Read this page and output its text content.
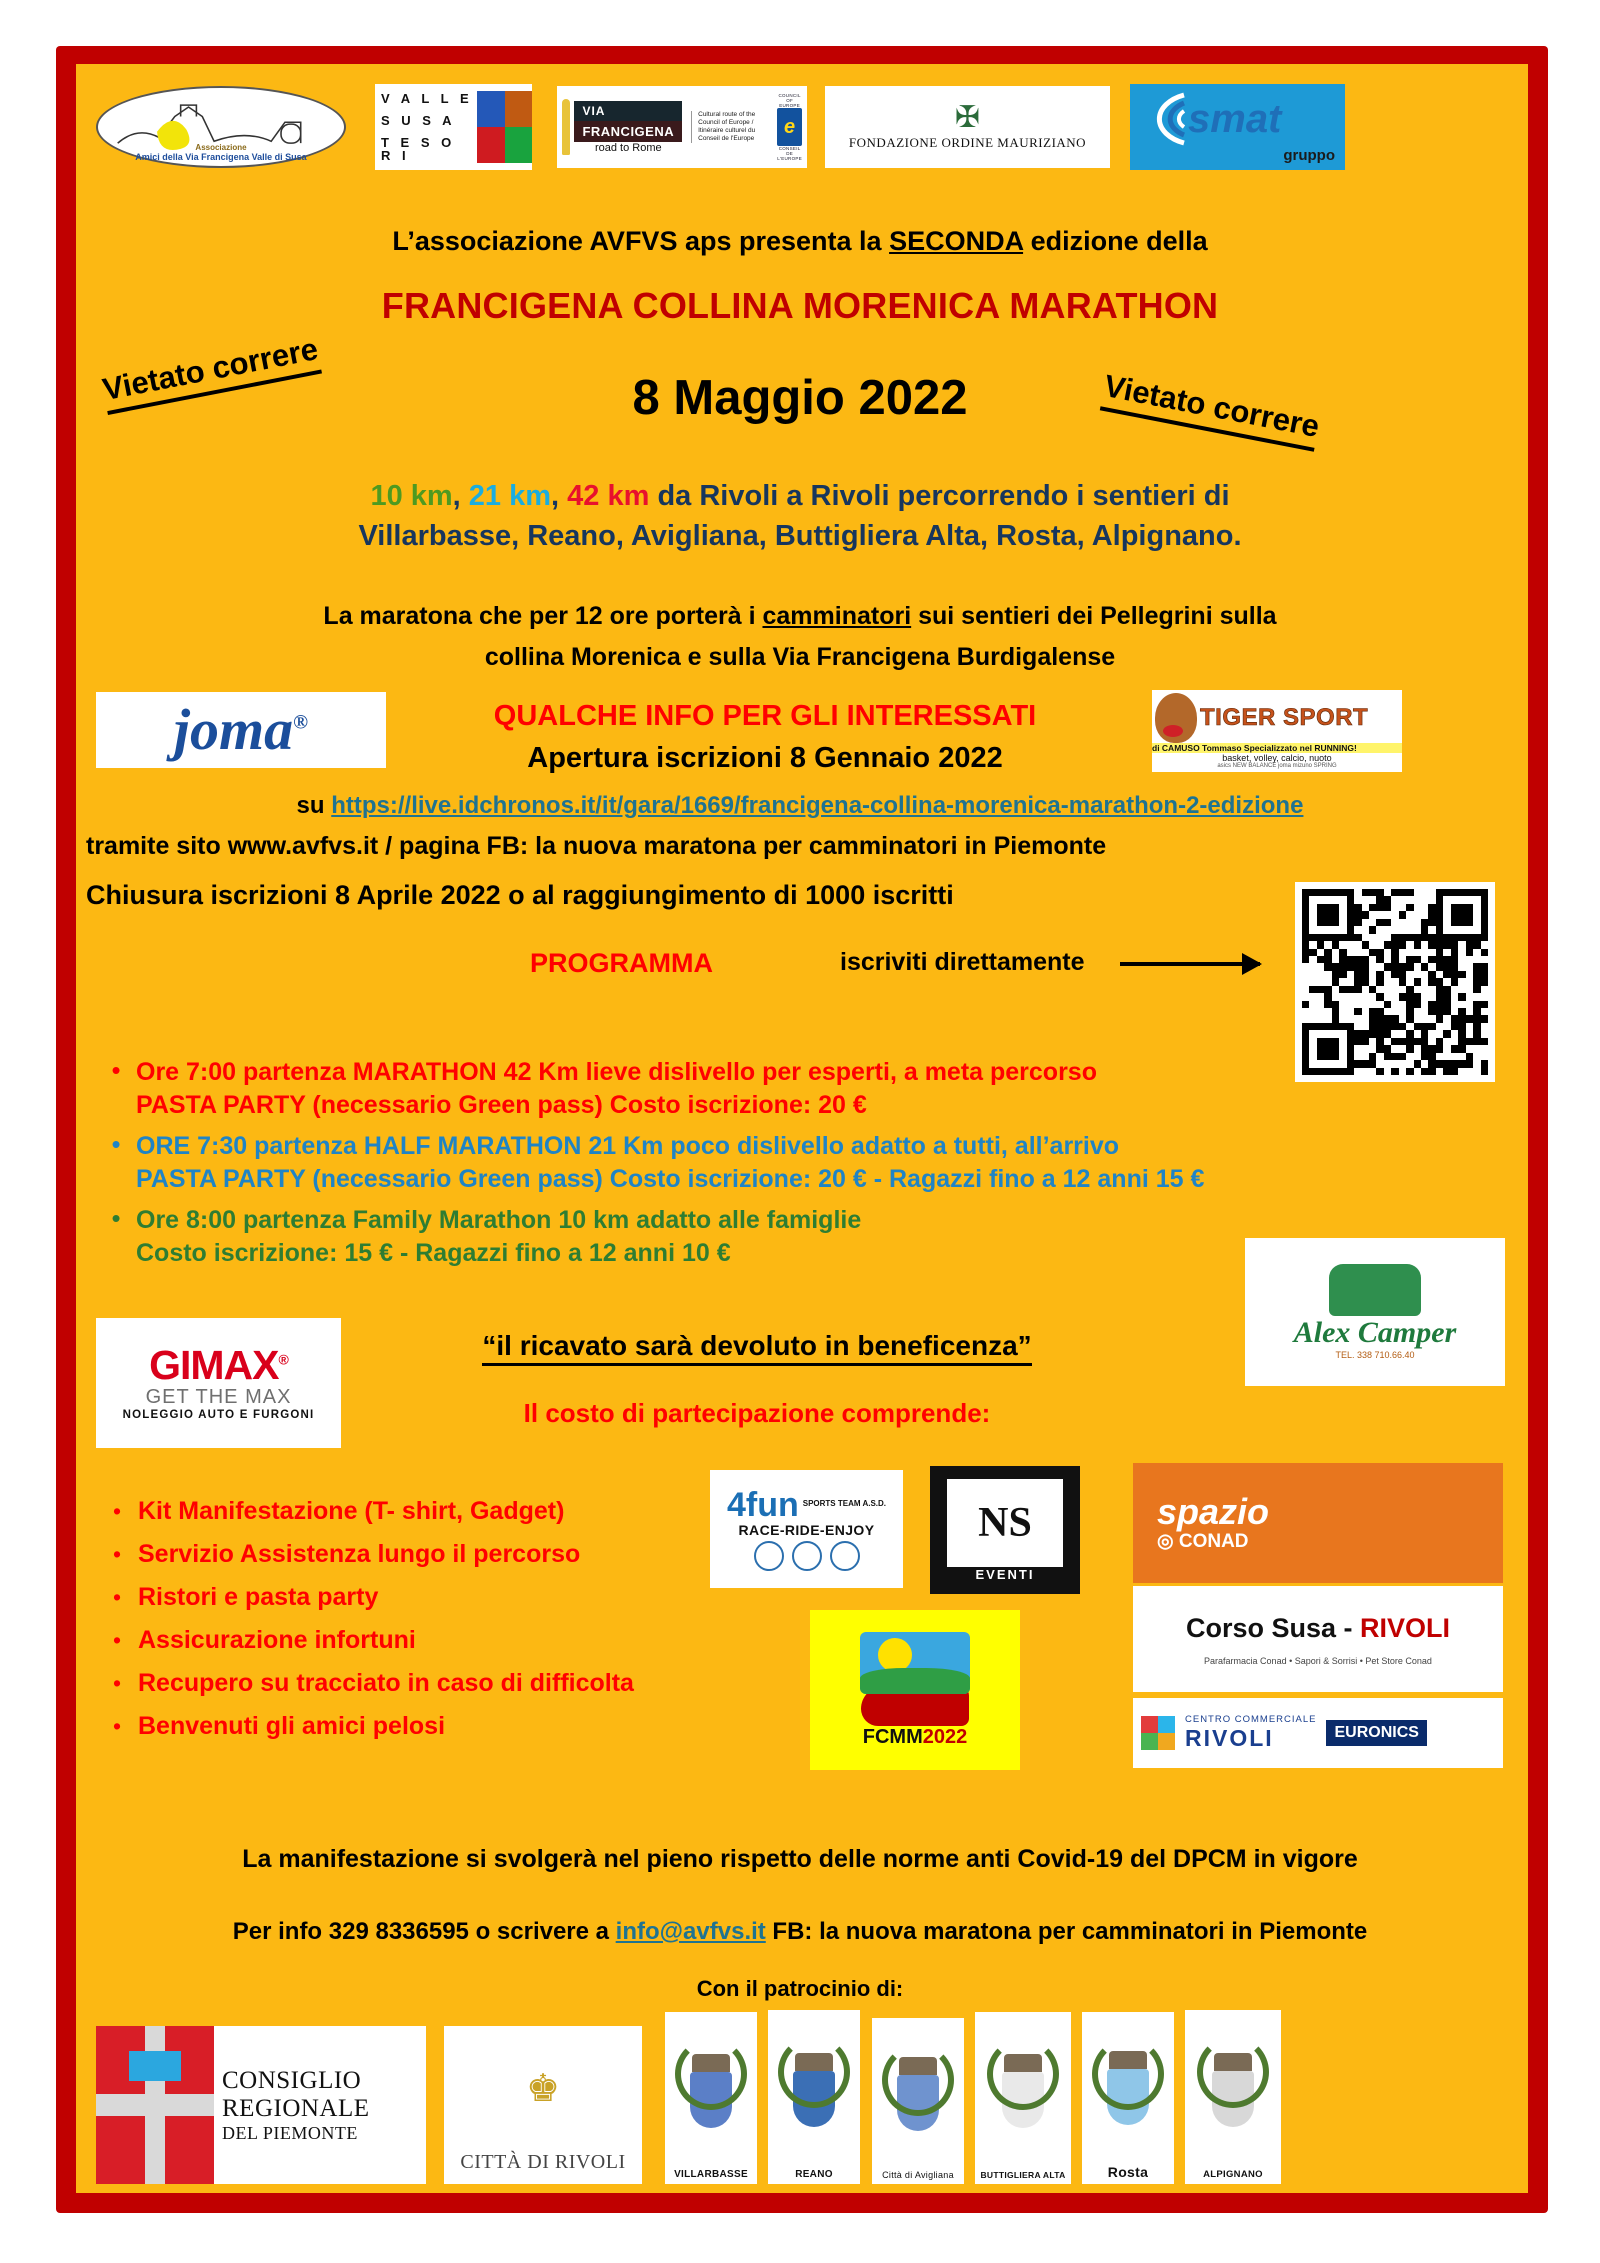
Associazione
Amici della Via Francigena Valle di Susa
V A L L E
S U S A
T E S O R I
VIA
FRANCIGENA
road to Rome
Cultural route of the Council of Europe / Itinéraire culturel du Conseil de l'Europe
COUNCIL OF EUROPE
e
CONSEIL DE L'EUROPE
✠
FONDAZIONE ORDINE MAURIZIANO
smat
gruppo
L’associazione AVFVS aps presenta la SECONDA edizione della
FRANCIGENA COLLINA MORENICA MARATHON
8 Maggio 2022
Vietato correre	Vietato correre
10 km, 21 km, 42 km da Rivoli a Rivoli percorrendo i sentieri di
Villarbasse, Reano, Avigliana, Buttigliera Alta, Rosta, Alpignano.
La maratona che per 12 ore porterà i camminatori sui sentieri dei Pellegrini sulla
collina Morenica e sulla Via Francigena Burdigalense
joma®	QUALCHE INFO PER GLI INTERESSATI
Apertura iscrizioni 8 Gennaio 2022
TIGER SPORT
di CAMUSO Tommaso Specializzato nel RUNNING!
basket, volley, calcio, nuoto
asics NEW BALANCE joma mizuno SPRING
su https://live.idchronos.it/it/gara/1669/francigena-collina-morenica-marathon-2-edizione
tramite sito www.avfvs.it / pagina FB: la nuova maratona per camminatori in Piemonte
Chiusura iscrizioni 8 Aprile 2022 o al raggiungimento di 1000 iscritti
PROGRAMMA	iscriviti direttamente
• Ore 7:00 partenza MARATHON 42 Km lieve dislivello per esperti, a meta percorso
PASTA PARTY (necessario Green pass) Costo iscrizione: 20 €
• ORE 7:30 partenza HALF MARATHON 21 Km poco dislivello adatto a tutti, all’arrivo
PASTA PARTY (necessario Green pass) Costo iscrizione: 20 € - Ragazzi fino a 12 anni 15 €
• Ore 8:00 partenza Family Marathon 10 km adatto alle famiglie
Costo iscrizione: 15 € - Ragazzi fino a 12 anni 10 €
GIMAX®
GET THE MAX
NOLEGGIO AUTO E FURGONI
“il ricavato sarà devoluto in beneficenza”
Il costo di partecipazione comprende:
Alex Camper
TEL. 338 710.66.40
• Kit Manifestazione (T- shirt, Gadget)
• Servizio Assistenza lungo il percorso
• Ristori e pasta party
• Assicurazione infortuni
• Recupero su tracciato in caso di difficolta
• Benvenuti gli amici pelosi
4fun SPORTS TEAM A.S.D.
RACE-RIDE-ENJOY	NS
EVENTI
spazio
◎ CONAD
Corso Susa - RIVOLI
Parafarmacia Conad • Sapori & Sorrisi • Pet Store Conad
CENTRO COMMERCIALE
RIVOLI	EURONICS
FCMM2022
La manifestazione si svolgerà nel pieno rispetto delle norme anti Covid-19 del DPCM in vigore
Per info 329 8336595 o scrivere a info@avfvs.it FB: la nuova maratona per camminatori in Piemonte
Con il patrocinio di:
CONSIGLIO
REGIONALE
DEL PIEMONTE
♚
CITTÀ DI RIVOLI
VILLARBASSE	REANO	Città di Avigliana	BUTTIGLIERA ALTA	Rosta	ALPIGNANO
